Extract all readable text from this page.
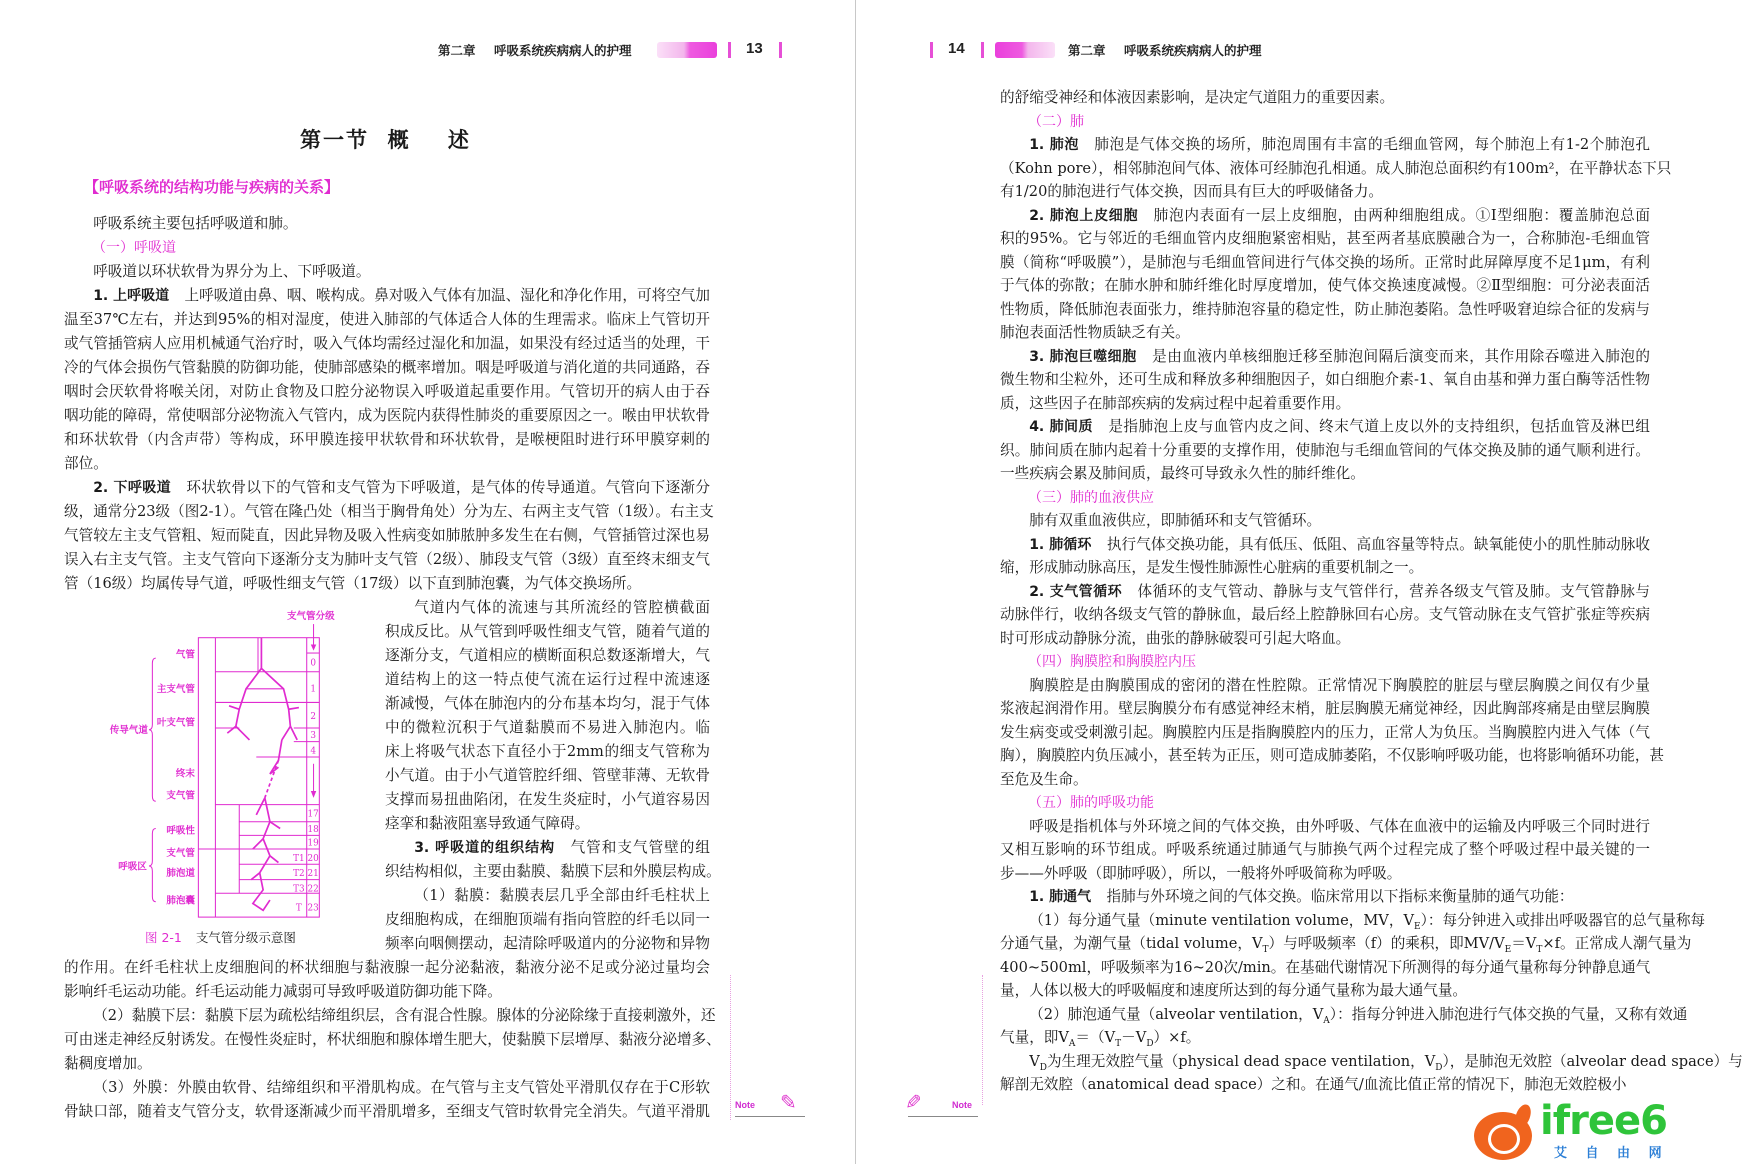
第二章 呼吸系统疾病病人的护理	13
第一节  概    述
【呼吸系统的结构功能与疾病的关系】
呼吸系统主要包括呼吸道和肺。
（一）呼吸道
呼吸道以环状软骨为界分为上、下呼吸道。
1. 上呼吸道 上呼吸道由鼻、咽、喉构成。鼻对吸入气体有加温、湿化和净化作用，可将空气加
温至37℃左右，并达到95%的相对湿度，使进入肺部的气体适合人体的生理需求。临床上气管切开
或气管插管病人应用机械通气治疗时，吸入气体均需经过湿化和加温，如果没有经过适当的处理，干
冷的气体会损伤气管黏膜的防御功能，使肺部感染的概率增加。咽是呼吸道与消化道的共同通路，吞
咽时会厌软骨将喉关闭，对防止食物及口腔分泌物误入呼吸道起重要作用。气管切开的病人由于吞
咽功能的障碍，常使咽部分泌物流入气管内，成为医院内获得性肺炎的重要原因之一。喉由甲状软骨
和环状软骨（内含声带）等构成，环甲膜连接甲状软骨和环状软骨，是喉梗阻时进行环甲膜穿刺的
部位。
2. 下呼吸道 环状软骨以下的气管和支气管为下呼吸道，是气体的传导通道。气管向下逐渐分
级，通常分23级（图2-1）。气管在隆凸处（相当于胸骨角处）分为左、右两主支气管（1级）。右主支
气管较左主支气管粗、短而陡直，因此异物及吸入性病变如肺脓肿多发生在右侧，气管插管过深也易
误入右主支气管。主支气管向下逐渐分支为肺叶支气管（2级）、肺段支气管（3级）直至终末细支气
管（16级）均属传导气道，呼吸性细支气管（17级）以下直到肺泡囊，为气体交换场所。
气道内气体的流速与其所流经的管腔横截面
积成反比。从气管到呼吸性细支气管，随着气道的
逐渐分支，气道相应的横断面积总数逐渐增大，气
道结构上的这一特点使气流在运行过程中流速逐
渐减慢，气体在肺泡内的分布基本均匀，混于气体
中的微粒沉积于气道黏膜而不易进入肺泡内。临
床上将吸气状态下直径小于2mm的细支气管称为
小气道。由于小气道管腔纤细、管壁菲薄、无软骨
支撑而易扭曲陷闭，在发生炎症时，小气道容易因
痉挛和黏液阻塞导致通气障碍。
3. 呼吸道的组织结构 气管和支气管壁的组
织结构相似，主要由黏膜、黏膜下层和外膜层构成。
（1）黏膜：黏膜表层几乎全部由纤毛柱状上
皮细胞构成，在细胞顶端有指向管腔的纤毛以同一
频率向咽侧摆动，起清除呼吸道内的分泌物和异物
的作用。在纤毛柱状上皮细胞间的杯状细胞与黏液腺一起分泌黏液，黏液分泌不足或分泌过量均会
影响纤毛运动功能。纤毛运动能力减弱可导致呼吸道防御功能下降。
（2）黏膜下层：黏膜下层为疏松结缔组织层，含有混合性腺。腺体的分泌除缘于直接刺激外，还
可由迷走神经反射诱发。在慢性炎症时，杯状细胞和腺体增生肥大，使黏膜下层增厚、黏液分泌增多、
黏稠度增加。
（3）外膜：外膜由软骨、结缔组织和平滑肌构成。在气管与主支气管处平滑肌仅存在于C形软
骨缺口部，随着支气管分支，软骨逐渐减少而平滑肌增多，至细支气管时软骨完全消失。气道平滑肌
支气管分级
传导气道
呼吸区
气管
主支气管
叶支气管
终末
支气管
呼吸性
支气管
肺泡道
肺泡囊
0
1
2
3
4
17
18
19
20
21
22
23
T1
T2
T3
T
图 2-1 支气管分级示意图
Note ✎
14	第二章 呼吸系统疾病病人的护理
的舒缩受神经和体液因素影响，是决定气道阻力的重要因素。
（二）肺
1. 肺泡 肺泡是气体交换的场所，肺泡周围有丰富的毛细血管网，每个肺泡上有1-2个肺泡孔
（Kohn pore），相邻肺泡间气体、液体可经肺泡孔相通。成人肺泡总面积约有100m²，在平静状态下只
有1/20的肺泡进行气体交换，因而具有巨大的呼吸储备力。
2. 肺泡上皮细胞 肺泡内表面有一层上皮细胞，由两种细胞组成。①Ⅰ型细胞：覆盖肺泡总面
积的95%。它与邻近的毛细血管内皮细胞紧密相贴，甚至两者基底膜融合为一，合称肺泡-毛细血管
膜（简称“呼吸膜”），是肺泡与毛细血管间进行气体交换的场所。正常时此屏障厚度不足1μm，有利
于气体的弥散；在肺水肿和肺纤维化时厚度增加，使气体交换速度减慢。②Ⅱ型细胞：可分泌表面活
性物质，降低肺泡表面张力，维持肺泡容量的稳定性，防止肺泡萎陷。急性呼吸窘迫综合征的发病与
肺泡表面活性物质缺乏有关。
3. 肺泡巨噬细胞 是由血液内单核细胞迁移至肺泡间隔后演变而来，其作用除吞噬进入肺泡的
微生物和尘粒外，还可生成和释放多种细胞因子，如白细胞介素-1、氧自由基和弹力蛋白酶等活性物
质，这些因子在肺部疾病的发病过程中起着重要作用。
4. 肺间质 是指肺泡上皮与血管内皮之间、终末气道上皮以外的支持组织，包括血管及淋巴组
织。肺间质在肺内起着十分重要的支撑作用，使肺泡与毛细血管间的气体交换及肺的通气顺利进行。
一些疾病会累及肺间质，最终可导致永久性的肺纤维化。
（三）肺的血液供应
肺有双重血液供应，即肺循环和支气管循环。
1. 肺循环 执行气体交换功能，具有低压、低阻、高血容量等特点。缺氧能使小的肌性肺动脉收
缩，形成肺动脉高压，是发生慢性肺源性心脏病的重要机制之一。
2. 支气管循环 体循环的支气管动、静脉与支气管伴行，营养各级支气管及肺。支气管静脉与
动脉伴行，收纳各级支气管的静脉血，最后经上腔静脉回右心房。支气管动脉在支气管扩张症等疾病
时可形成动静脉分流，曲张的静脉破裂可引起大咯血。
（四）胸膜腔和胸膜腔内压
胸膜腔是由胸膜围成的密闭的潜在性腔隙。正常情况下胸膜腔的脏层与壁层胸膜之间仅有少量
浆液起润滑作用。壁层胸膜分布有感觉神经末梢，脏层胸膜无痛觉神经，因此胸部疼痛是由壁层胸膜
发生病变或受刺激引起。胸膜腔内压是指胸膜腔内的压力，正常人为负压。当胸膜腔内进入气体（气
胸），胸膜腔内负压减小，甚至转为正压，则可造成肺萎陷，不仅影响呼吸功能，也将影响循环功能，甚
至危及生命。
（五）肺的呼吸功能
呼吸是指机体与外环境之间的气体交换，由外呼吸、气体在血液中的运输及内呼吸三个同时进行
又相互影响的环节组成。呼吸系统通过肺通气与肺换气两个过程完成了整个呼吸过程中最关键的一
步——外呼吸（即肺呼吸），所以，一般将外呼吸简称为呼吸。
1. 肺通气 指肺与外环境之间的气体交换。临床常用以下指标来衡量肺的通气功能：
（1）每分通气量（minute ventilation volume，MV，$V_E$）：每分钟进入或排出呼吸器官的总气量称每
分通气量，为潮气量（tidal volume，$V_T$）与呼吸频率（f）的乘积，即$MV/V_E=V_T\times f$。正常成人潮气量为
400~500ml，呼吸频率为16~20次/min。在基础代谢情况下所测得的每分通气量称每分钟静息通气
量，人体以极大的呼吸幅度和速度所达到的每分通气量称为最大通气量。
（2）肺泡通气量（alveolar ventilation，$V_A$）：指每分钟进入肺泡进行气体交换的气量，又称有效通
气量，即$V_A=(V_T-V_D)\times f$。
$V_D$为生理无效腔气量（physical dead space ventilation，$V_D$），是肺泡无效腔（alveolar dead space）与
解剖无效腔（anatomical dead space）之和。在通气/血流比值正常的情况下，肺泡无效腔极小
✎	Note	ifree6
艾 自 由 网
